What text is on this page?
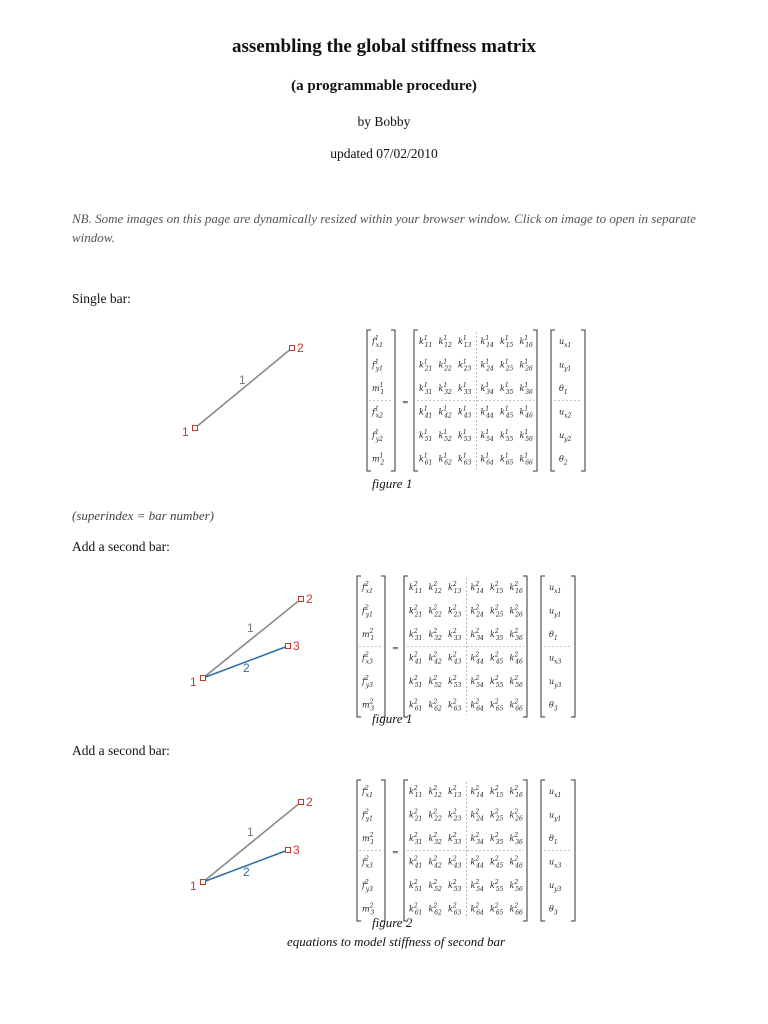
assembling the global stiffness matrix
(a programmable procedure)
by Bobby
updated 07/02/2010
NB. Some images on this page are dynamically resized within your browser window. Click on image to open in separate window.
Single bar:
Add a second bar:
Add a second bar:
(superindex = bar number)
figure 1
figure 1
figure 2
equations to model stiffness of second bar
$f^1$ x1
$f^1$ y1
$m^1$ 1
$f^1$ x2
$f^1$ y2
$m^1$ 2
=
$k^1$ 11 $k^1$ 12 $k^1$ 13 $k^1$ 14 $k^1$ 15 $k^1$ 16
$k^1$ 21 $k^1$ 22 $k^1$ 23 $k^1$ 24 $k^1$ 25 $k^1$ 26
$k^1$ 31 $k^1$ 32 $k^1$ 33 $k^1$ 34 $k^1$ 35 $k^1$ 36
$k^1$ 41 $k^1$ 42 $k^1$ 43 $k^1$ 44 $k^1$ 45 $k^1$ 46
$k^1$ 51 $k^1$ 52 $k^1$ 53 $k^1$ 54 $k^1$ 55 $k^1$ 56
$k^1$ 61 $k^1$ 62 $k^1$ 63 $k^1$ 64 $k^1$ 65 $k^1$ 66
$u_{x1}$
$u_{y1}$
$\theta_1$
$u_{x2}$
$u_{y2}$
$\theta_2$
1
1
2
$f^2$ x1
$f^2$ y1
$m^2$ 1
$f^2$ x3
$f^2$ y3
$m^2$ 3
=
$k^2$ 11 $k^2$ 12 $k^2$ 13 $k^2$ 14 $k^2$ 15 $k^2$ 16
$k^2$ 21 $k^2$ 22 $k^2$ 23 $k^2$ 24 $k^2$ 25 $k^2$ 26
$k^2$ 31 $k^2$ 32 $k^2$ 33 $k^2$ 34 $k^2$ 35 $k^2$ 36
$k^2$ 41 $k^2$ 42 $k^2$ 43 $k^2$ 44 $k^2$ 45 $k^2$ 46
$k^2$ 51 $k^2$ 52 $k^2$ 53 $k^2$ 54 $k^2$ 55 $k^2$ 56
$k^2$ 61 $k^2$ 62 $k^2$ 63 $k^2$ 64 $k^2$ 65 $k^2$ 66
$u_{x1}$
$u_{y1}$
$\theta_1$
$u_{x3}$
$u_{y3}$
$\theta_3$
1
2
1
2
3
$f^2$ x1
$f^2$ y1
$m^2$ 1
$f^2$ x3
$f^2$ y3
$m^2$ 3
=
$k^2$ 11 $k^2$ 12 $k^2$ 13 $k^2$ 14 $k^2$ 15 $k^2$ 16
$k^2$ 21 $k^2$ 22 $k^2$ 23 $k^2$ 24 $k^2$ 25 $k^2$ 26
$k^2$ 31 $k^2$ 32 $k^2$ 33 $k^2$ 34 $k^2$ 35 $k^2$ 36
$k^2$ 41 $k^2$ 42 $k^2$ 43 $k^2$ 44 $k^2$ 45 $k^2$ 46
$k^2$ 51 $k^2$ 52 $k^2$ 53 $k^2$ 54 $k^2$ 55 $k^2$ 56
$k^2$ 61 $k^2$ 62 $k^2$ 63 $k^2$ 64 $k^2$ 65 $k^2$ 66
$u_{x1}$
$u_{y1}$
$\theta_1$
$u_{x3}$
$u_{y3}$
$\theta_3$
1
2
1
2
3
